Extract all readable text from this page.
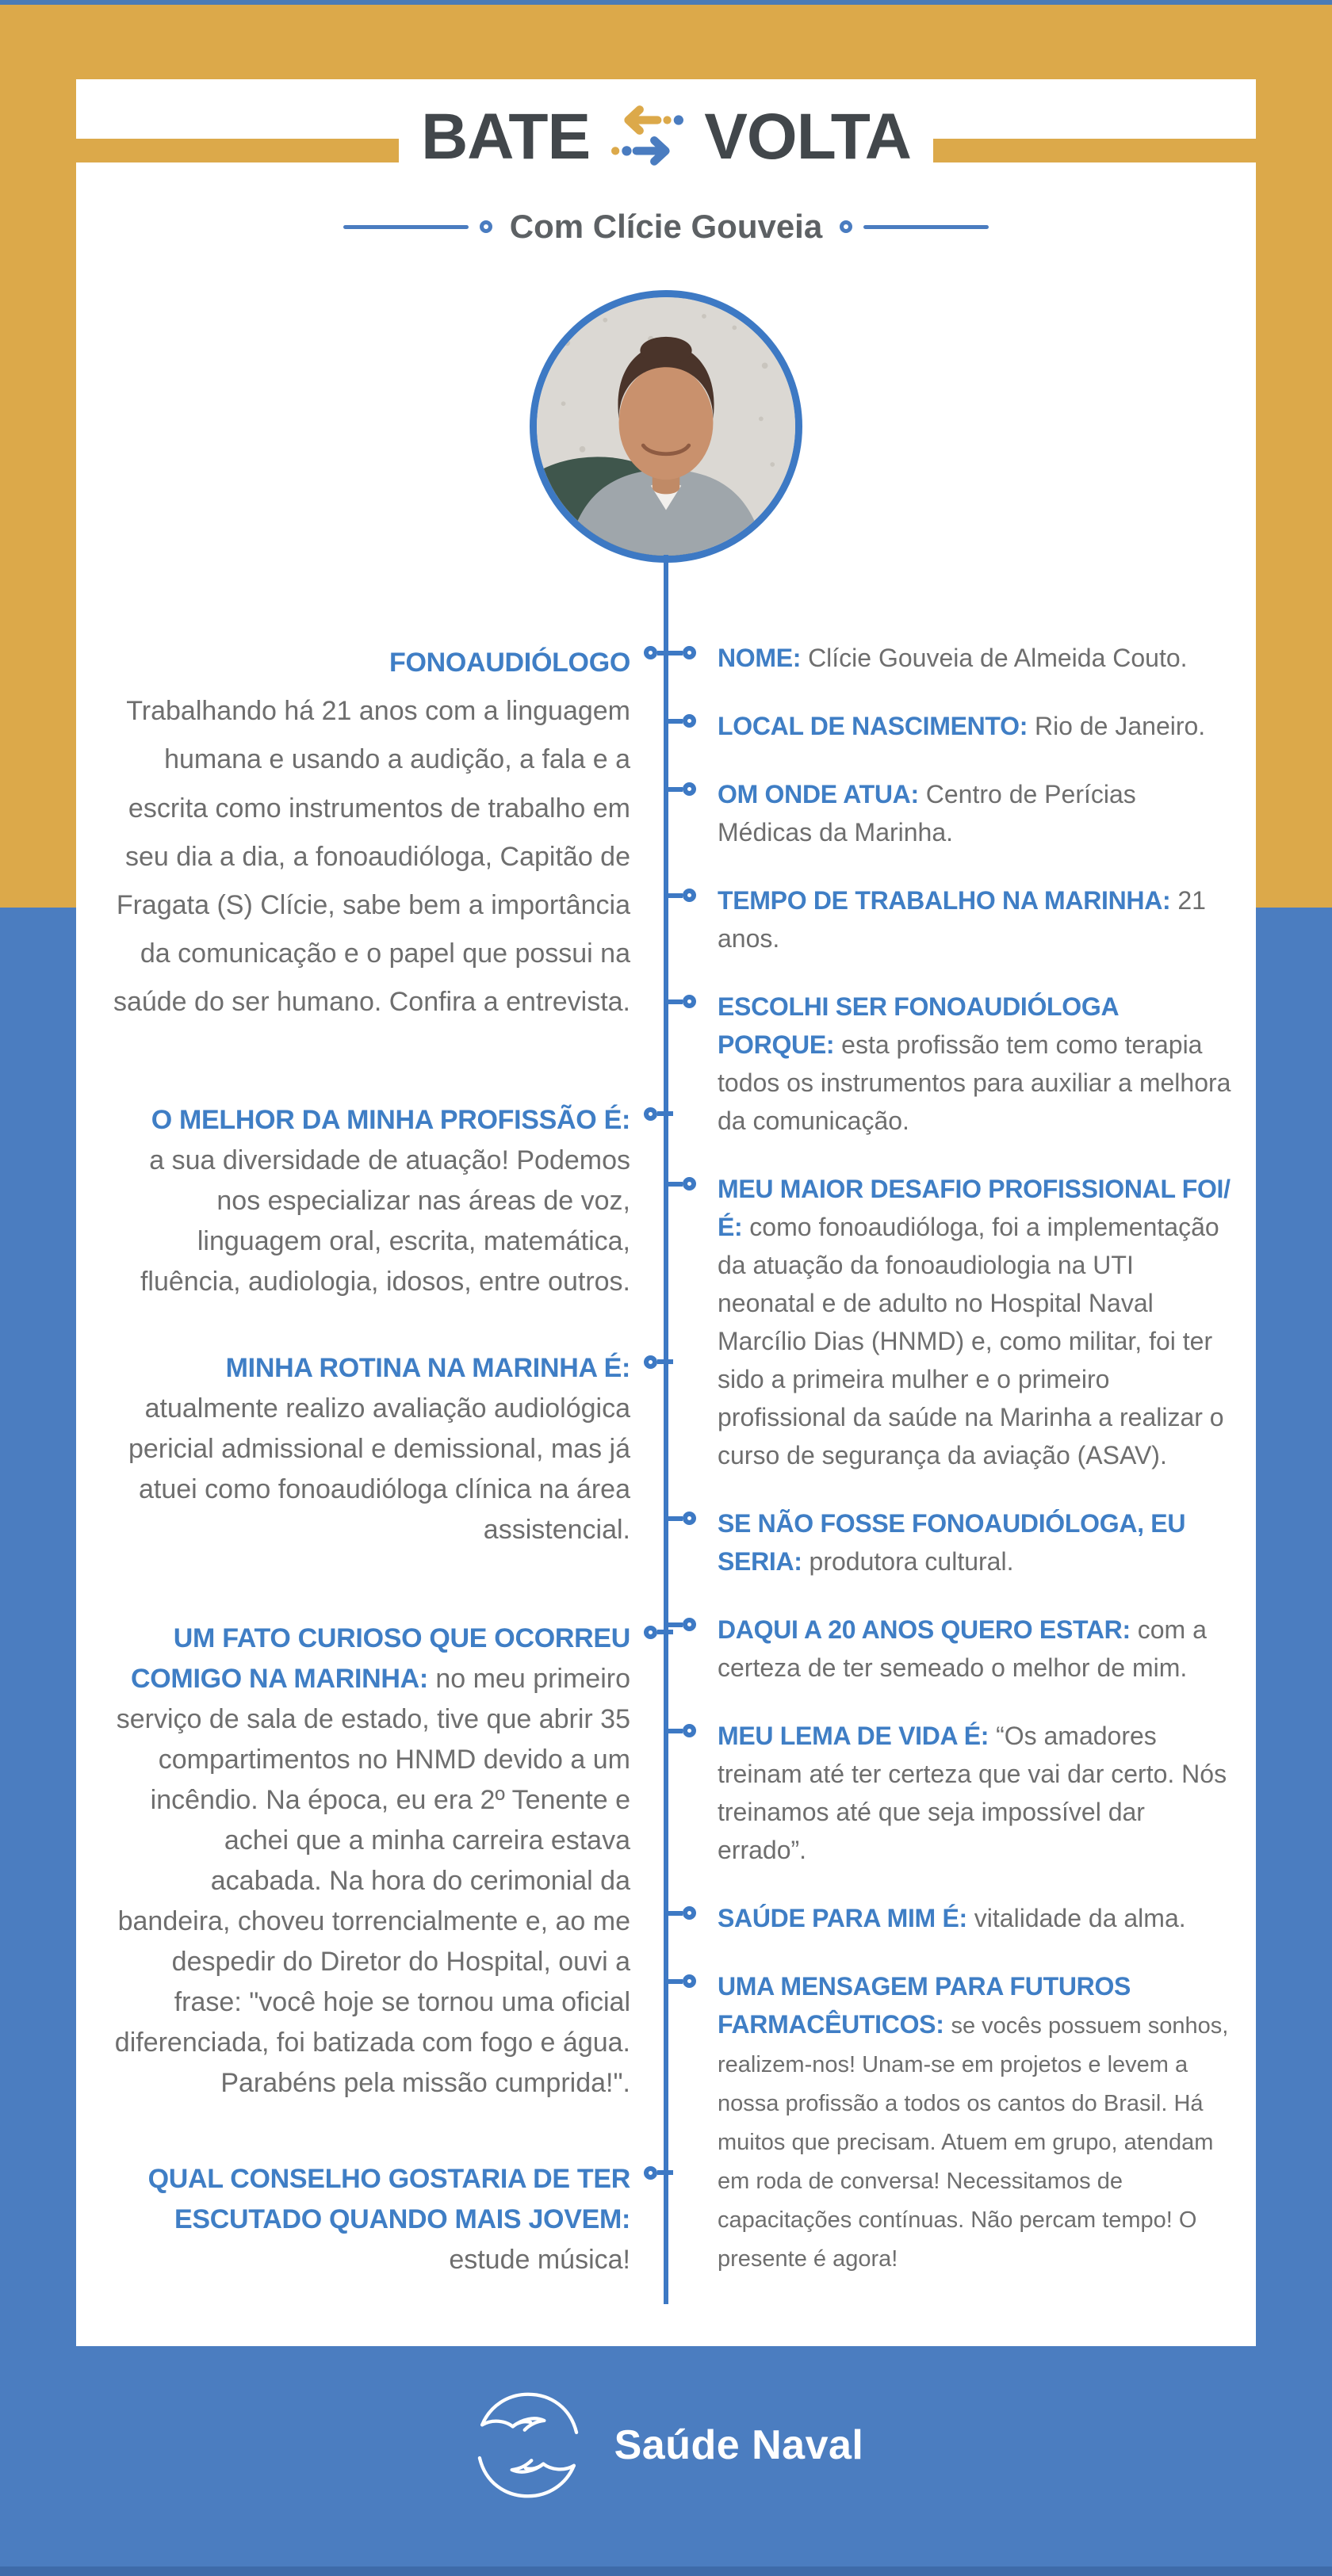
BATE VOLTA
Com Clície Gouveia
FONOAUDIÓLOGO
Trabalhando há 21 anos com a linguagem humana e usando a audição, a fala e a escrita como instrumentos de trabalho em seu dia a dia, a fonoaudióloga, Capitão de Fragata (S) Clície, sabe bem a importância da comunicação e o papel que possui na saúde do ser humano. Confira a entrevista.
O MELHOR DA MINHA PROFISSÃO É:
a sua diversidade de atuação! Podemos nos especializar nas áreas de voz, linguagem oral, escrita, matemática, fluência, audiologia, idosos, entre outros.
MINHA ROTINA NA MARINHA É:
atualmente realizo avaliação audiológica pericial admissional e demissional, mas já atuei como fonoaudióloga clínica na área assistencial.
UM FATO CURIOSO QUE OCORREU COMIGO NA MARINHA: no meu primeiro serviço de sala de estado, tive que abrir 35 compartimentos no HNMD devido a um incêndio. Na época, eu era 2º Tenente e achei que a minha carreira estava acabada. Na hora do cerimonial da bandeira, choveu torrencialmente e, ao me despedir do Diretor do Hospital, ouvi a frase: "você hoje se tornou uma oficial diferenciada, foi batizada com fogo e água. Parabéns pela missão cumprida!".
QUAL CONSELHO GOSTARIA DE TER ESCUTADO QUANDO MAIS JOVEM:
estude música!
NOME: Clície Gouveia de Almeida Couto.
LOCAL DE NASCIMENTO: Rio de Janeiro.
OM ONDE ATUA: Centro de Perícias Médicas da Marinha.
TEMPO DE TRABALHO NA MARINHA: 21 anos.
ESCOLHI SER FONOAUDIÓLOGA PORQUE: esta profissão tem como terapia todos os instrumentos para auxiliar a melhora da comunicação.
MEU MAIOR DESAFIO PROFISSIONAL FOI/É: como fonoaudióloga, foi a implementação da atuação da fonoaudiologia na UTI neonatal e de adulto no Hospital Naval Marcílio Dias (HNMD) e, como militar, foi ter sido a primeira mulher e o primeiro profissional da saúde na Marinha a realizar o curso de segurança da aviação (ASAV).
SE NÃO FOSSE FONOAUDIÓLOGA, EU SERIA: produtora cultural.
DAQUI A 20 ANOS QUERO ESTAR: com a certeza de ter semeado o melhor de mim.
MEU LEMA DE VIDA É: “Os amadores treinam até ter certeza que vai dar certo. Nós treinamos até que seja impossível dar errado”.
SAÚDE PARA MIM É: vitalidade da alma.
UMA MENSAGEM PARA FUTUROS FARMACÊUTICOS: se vocês possuem sonhos, realizem-nos! Unam-se em projetos e levem a nossa profissão a todos os cantos do Brasil. Há muitos que precisam. Atuem em grupo, atendam em roda de conversa! Necessitamos de capacitações contínuas. Não percam tempo! O presente é agora!
Saúde Naval
